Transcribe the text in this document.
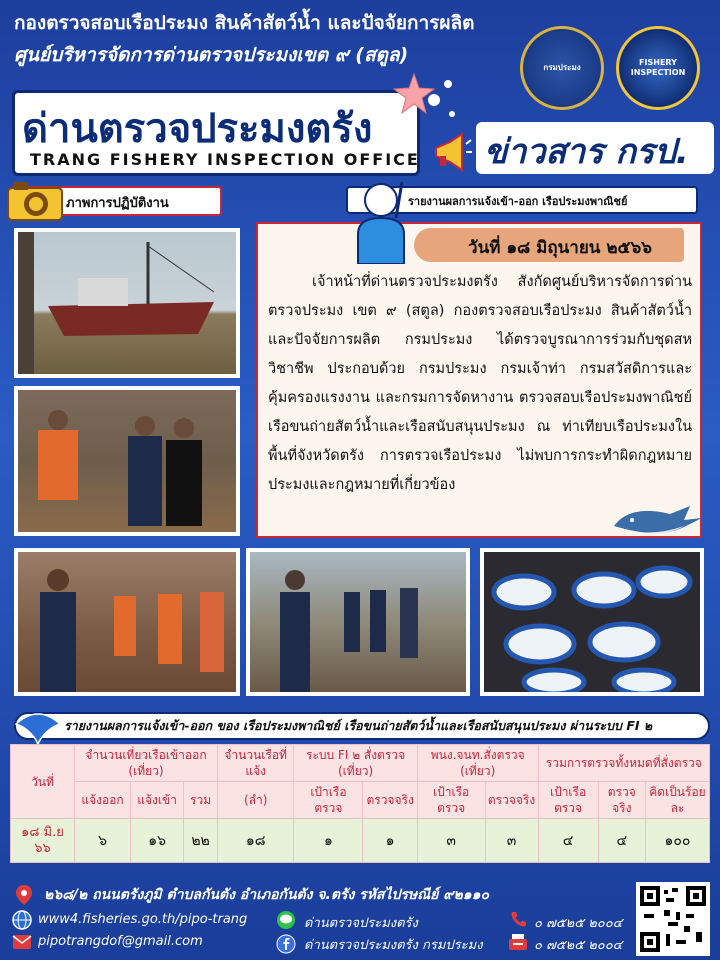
กองตรวจสอบเรือประมง สินค้าสัตว์น้ำ และปัจจัยการผลิต
ศูนย์บริหารจัดการด่านตรวจประมงเขต ๙ (สตูล)
กรมประมง
FISHERY INSPECTION
ด่านตรวจประมงตรัง
TRANG FISHERY INSPECTION OFFICE ข่าวสาร กรป.
ภาพการปฏิบัติงาน	รายงานผลการแจ้งเข้า-ออก เรือประมงพาณิชย์
วันที่ ๑๘ มิถุนายน ๒๕๖๖
เจ้าหน้าที่ด่านตรวจประมงตรัง สังกัดศูนย์บริหารจัดการด่านตรวจประมง เขต ๙ (สตูล) กองตรวจสอบเรือประมง สินค้าสัตว์น้ำ และปัจจัยการผลิต กรมประมง ได้ตรวจบูรณาการร่วมกับชุดสหวิชาชีพ ประกอบด้วย กรมประมง กรมเจ้าท่า กรมสวัสดิการและคุ้มครองแรงงาน และกรมการจัดหางาน ตรวจสอบเรือประมงพาณิชย์ เรือขนถ่ายสัตว์น้ำและเรือสนับสนุนประมง ณ ท่าเทียบเรือประมงในพื้นที่จังหวัดตรัง การตรวจเรือประมง ไม่พบการกระทำผิดกฎหมายประมงและกฎหมายที่เกี่ยวข้อง
รายงานผลการแจ้งเข้า-ออก ของ เรือประมงพาณิชย์ เรือขนถ่ายสัตว์น้ำและเรือสนับสนุนประมง ผ่านระบบ FI ๒
วันที่	จำนวนเที่ยวเรือเข้าออก (เที่ยว)			จำนวนเรือที่แจ้ง	ระบบ FI ๒ สั่งตรวจ (เที่ยว)		พนง.จนท.สั่งตรวจ (เที่ยว)		รวมการตรวจทั้งหมดที่สั่งตรวจ		
	แจ้งออก	แจ้งเข้า	รวม	(ลำ)	เป้าเรือตรวจ	ตรวจจริง	เป้าเรือตรวจ	ตรวจจริง	เป้าเรือตรวจ	ตรวจจริง	คิดเป็นร้อยละ

๑๘ มิ.ย ๖๖	๖	๑๖	๒๒	๑๘	๑	๑	๓	๓	๔	๔	๑๐๐
๒๖๘/๒ ถนนตรังภูมิ ตำบลกันตัง อำเภอกันตัง จ.ตรัง รหัสไปรษณีย์ ๙๒๑๑๐
www4.fisheries.go.th/pipo-trang
pipotrangdof@gmail.com
ด่านตรวจประมงตรัง
ด่านตรวจประมงตรัง กรมประมง
๐ ๗๕๒๕ ๒๐๐๔
๐ ๗๕๒๕ ๒๐๐๔
